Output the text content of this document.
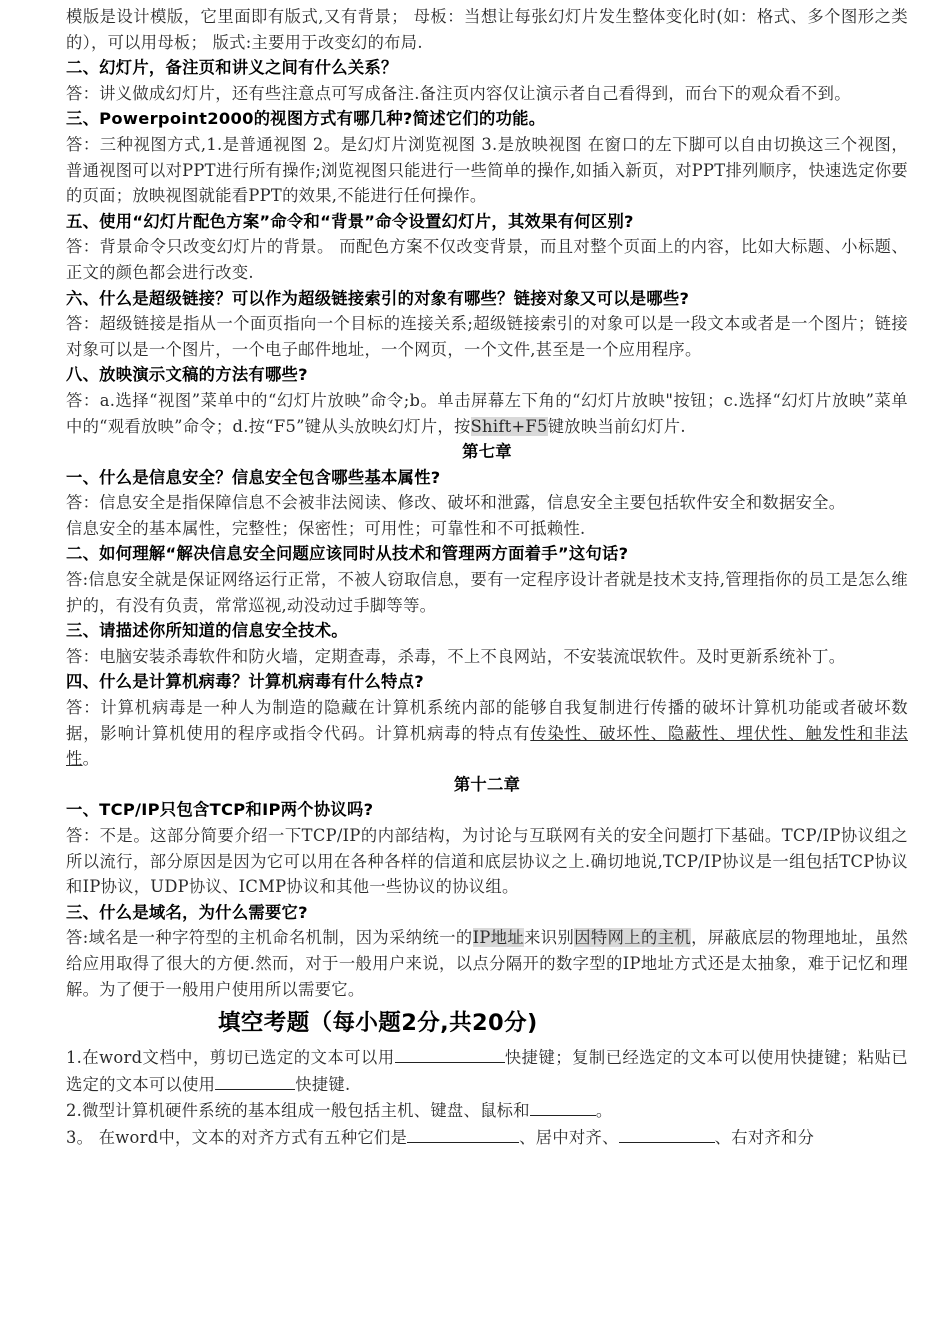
模版是设计模版，它里面即有版式,又有背景； 母板：当想让每张幻灯片发生整体变化时(如：格式、多个图形之类的），可以用母板； 版式:主要用于改变幻的布局.

二、幻灯片，备注页和讲义之间有什么关系？

答：讲义做成幻灯片，还有些注意点可写成备注.备注页内容仅让演示者自己看得到，而台下的观众看不到。

三、Powerpoint2000的视图方式有哪几种?简述它们的功能。

答：三种视图方式,1.是普通视图 2。是幻灯片浏览视图 3.是放映视图 在窗口的左下脚可以自由切换这三个视图，普通视图可以对PPT进行所有操作;浏览视图只能进行一些简单的操作,如插入新页，对PPT排列顺序，快速选定你要的页面；放映视图就能看PPT的效果,不能进行任何操作。

五、使用“幻灯片配色方案”命令和“背景”命令设置幻灯片，其效果有何区别?

答：背景命令只改变幻灯片的背景。 而配色方案不仅改变背景，而且对整个页面上的内容，比如大标题、小标题、正文的颜色都会进行改变.

六、什么是超级链接？可以作为超级链接索引的对象有哪些？链接对象又可以是哪些?

答：超级链接是指从一个面页指向一个目标的连接关系;超级链接索引的对象可以是一段文本或者是一个图片；链接对象可以是一个图片，一个电子邮件地址，一个网页，一个文件,甚至是一个应用程序。

八、放映演示文稿的方法有哪些?

答：a.选择“视图”菜单中的“幻灯片放映”命令;b。单击屏幕左下角的“幻灯片放映"按钮；c.选择“幻灯片放映”菜单中的“观看放映”命令；d.按“F5”键从头放映幻灯片，按Shift+F5键放映当前幻灯片.

第七章

一、什么是信息安全？信息安全包含哪些基本属性?

答：信息安全是指保障信息不会被非法阅读、修改、破坏和泄露，信息安全主要包括软件安全和数据安全。

信息安全的基本属性，完整性；保密性；可用性；可靠性和不可抵赖性.

二、如何理解“解决信息安全问题应该同时从技术和管理两方面着手”这句话?

答:信息安全就是保证网络运行正常，不被人窃取信息，要有一定程序设计者就是技术支持,管理指你的员工是怎么维护的，有没有负责，常常巡视,动没动过手脚等等。

三、请描述你所知道的信息安全技术。

答：电脑安装杀毒软件和防火墙，定期查毒，杀毒，不上不良网站，不安装流氓软件。及时更新系统补丁。

四、什么是计算机病毒？计算机病毒有什么特点?

答：计算机病毒是一种人为制造的隐藏在计算机系统内部的能够自我复制进行传播的破坏计算机功能或者破坏数据，影响计算机使用的程序或指令代码。计算机病毒的特点有传染性、破坏性、隐蔽性、埋伏性、触发性和非法性。

第十二章

一、TCP/IP只包含TCP和IP两个协议吗?

答：不是。这部分简要介绍一下TCP/IP的内部结构，为讨论与互联网有关的安全问题打下基础。TCP/IP协议组之所以流行，部分原因是因为它可以用在各种各样的信道和底层协议之上.确切地说,TCP/IP协议是一组包括TCP协议和IP协议，UDP协议、ICMP协议和其他一些协议的协议组。

三、什么是域名，为什么需要它?

答:域名是一种字符型的主机命名机制，因为采纳统一的IP地址来识别因特网上的主机，屏蔽底层的物理地址，虽然给应用取得了很大的方便.然而，对于一般用户来说，以点分隔开的数字型的IP地址方式还是太抽象，难于记忆和理解。为了便于一般用户使用所以需要它。

填空考题（每小题2分,共20分)

1.在word文档中，剪切已选定的文本可以用	快捷键；复制已经选定的文本可以使用快捷键；粘贴已选定的文本可以使用	快捷键.

2.微型计算机硬件系统的基本组成一般包括主机、键盘、鼠标和	。

3。 在word中，文本的对齐方式有五种它们是	、居中对齐、	、右对齐和分
